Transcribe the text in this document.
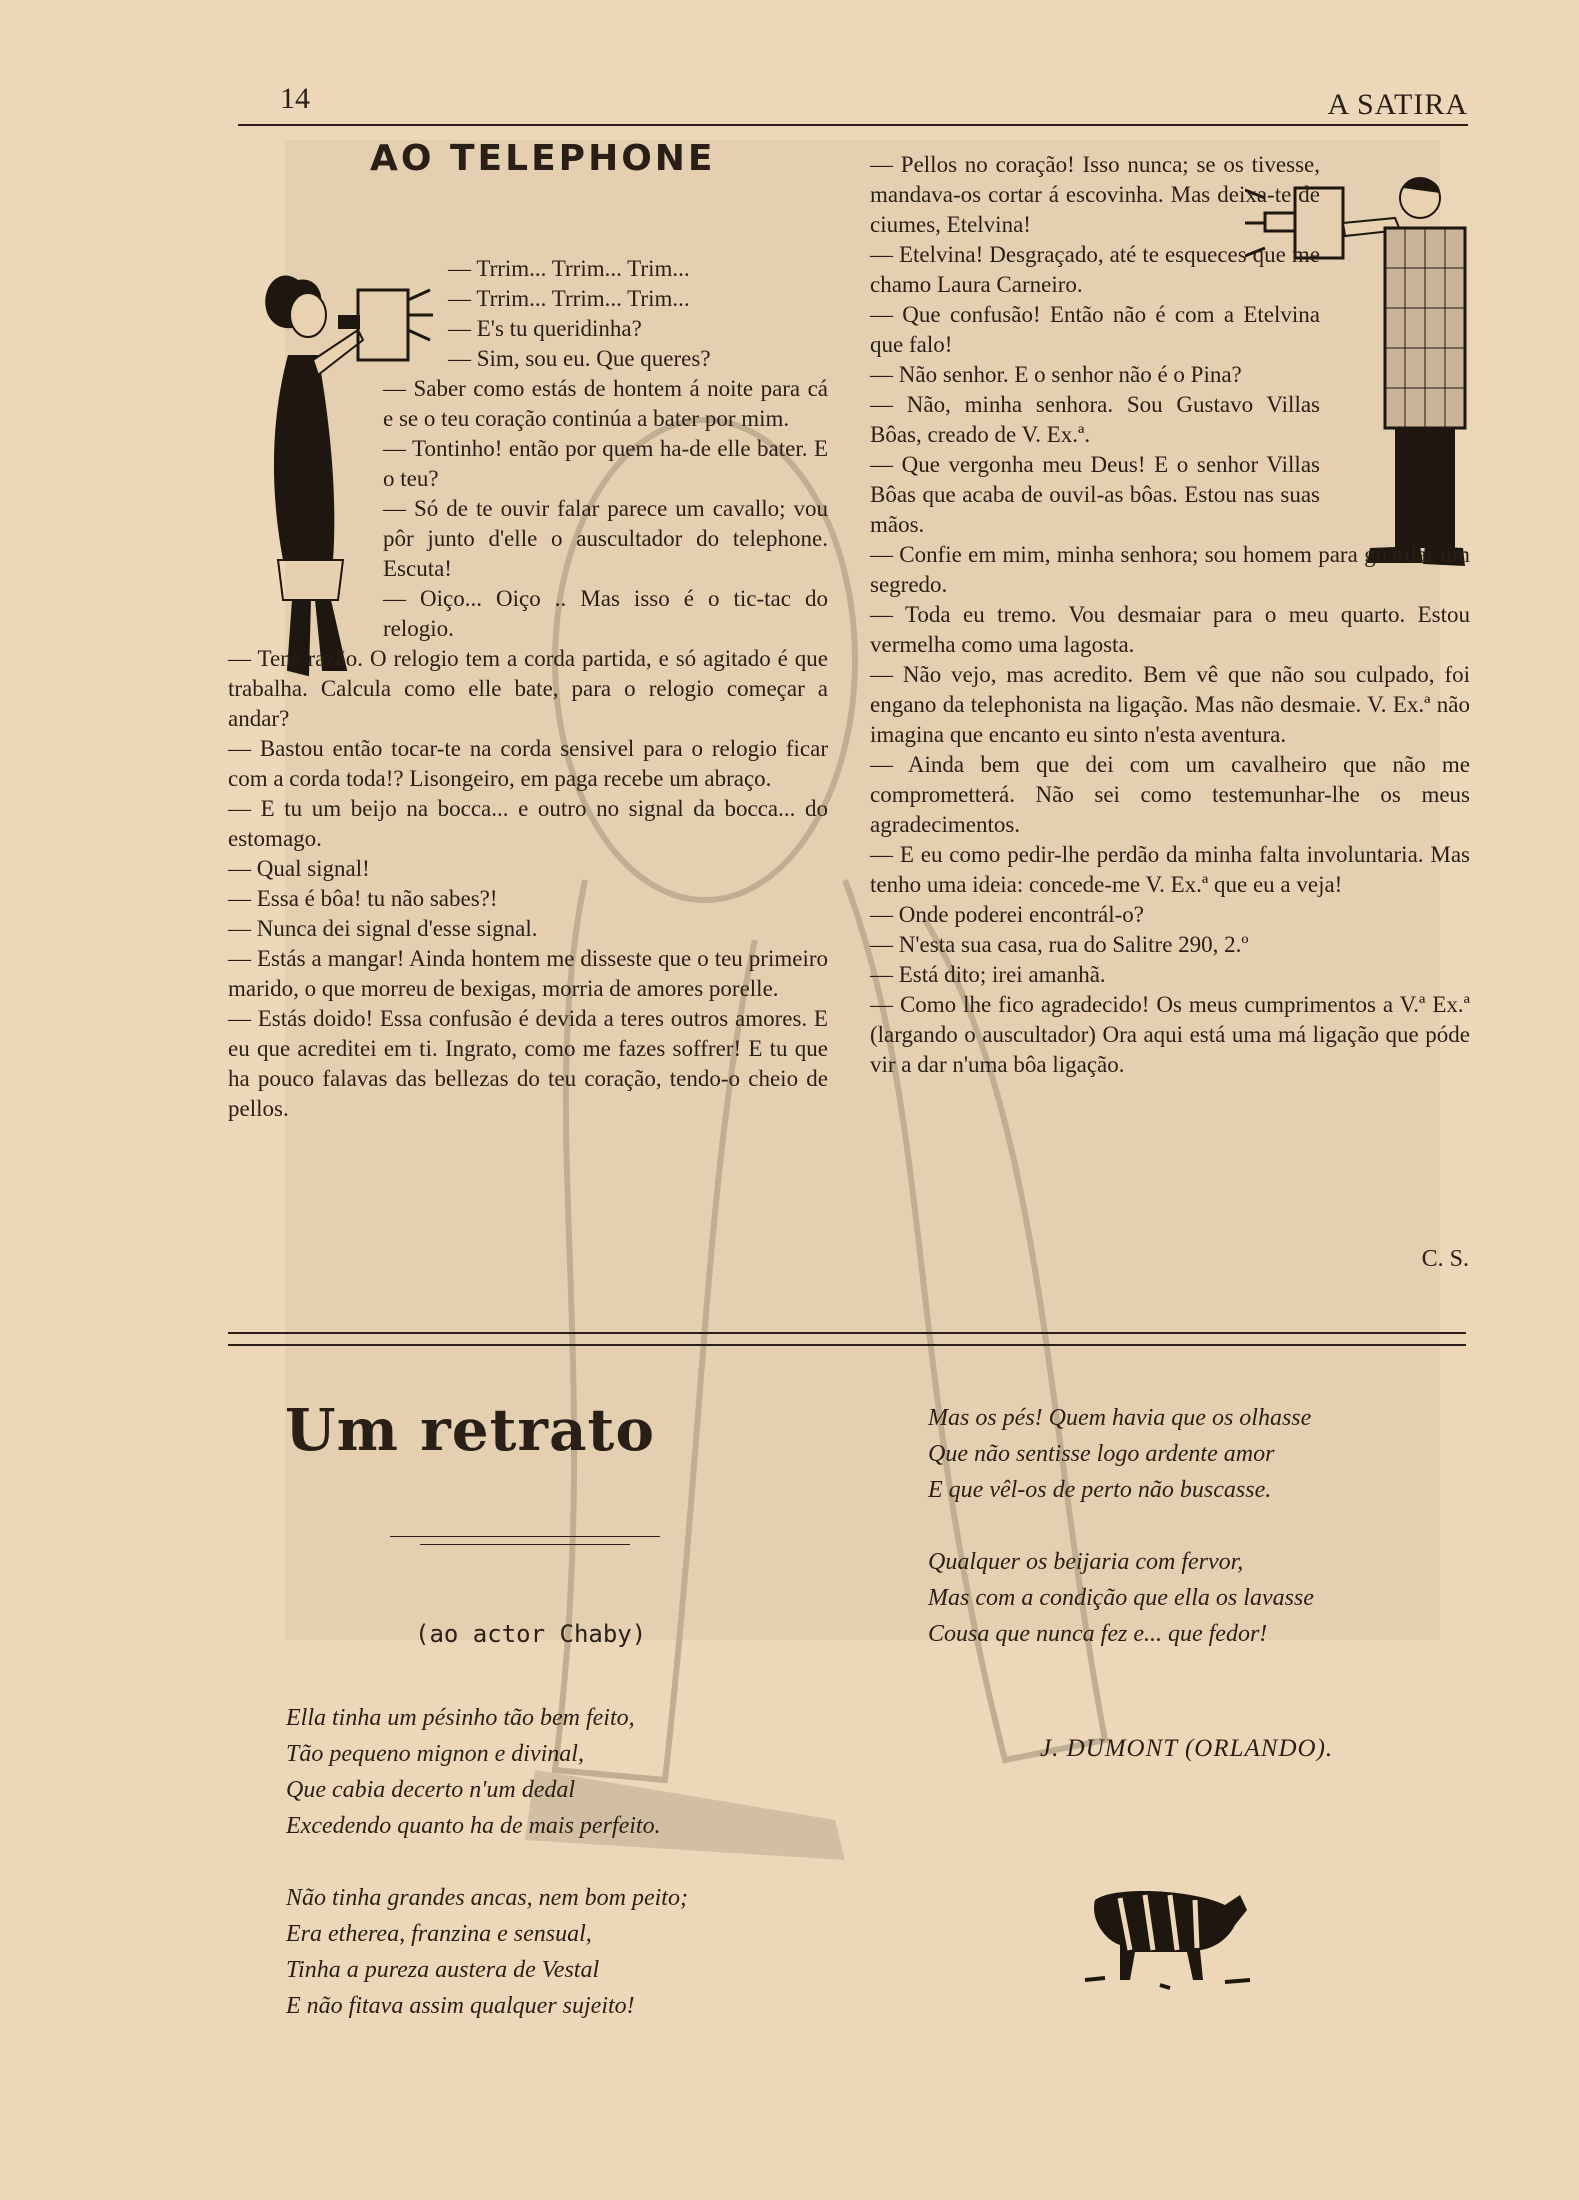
14	A SATIRA
AO TELEPHONE

— Trrim... Trrim... Trim...

— Trrim... Trrim... Trim...

— E's tu queridinha?

— Sim, sou eu. Que queres?

— Saber como estás de hontem á noite para cá e se o teu coração continúa a bater por mim.

— Tontinho! então por quem ha-de elle bater. E o teu?

— Só de te ouvir falar parece um cavallo; vou pôr junto d'elle o auscultador do telephone. Escuta!

— Oiço... Oiço .. Mas isso é o tic-tac do relogio.

— Tens razão. O relogio tem a corda partida, e só agitado é que trabalha. Calcula como elle bate, para o relogio começar a andar?

— Bastou então tocar-te na corda sensivel para o relogio ficar com a corda toda!? Lisongeiro, em paga recebe um abraço.

— E tu um beijo na bocca... e outro no signal da bocca... do estomago.

— Qual signal!

— Essa é bôa! tu não sabes?!

— Nunca dei signal d'esse signal.

— Estás a mangar! Ainda hontem me disseste que o teu primeiro marido, o que morreu de bexigas, morria de amores porelle.

— Estás doido! Essa confusão é devida a teres outros amores. E eu que acreditei em ti. Ingrato, como me fazes soffrer! E tu que ha pouco falavas das bellezas do teu coração, tendo-o cheio de pellos.

— Pellos no coração! Isso nunca; se os tivesse, mandava-os cortar á escovinha. Mas deixa-te de ciumes, Etelvina!

— Etelvina! Desgraçado, até te esqueces que me chamo Laura Carneiro.

— Que confusão! Então não é com a Etelvina que falo!

— Não senhor. E o senhor não é o Pina?

— Não, minha senhora. Sou Gustavo Villas Bôas, creado de V. Ex.ª.

— Que vergonha meu Deus! E o senhor Villas Bôas que acaba de ouvil-as bôas. Estou nas suas mãos.

— Confie em mim, minha senhora; sou homem para guardar um segredo.

— Toda eu tremo. Vou desmaiar para o meu quarto. Estou vermelha como uma lagosta.

— Não vejo, mas acredito. Bem vê que não sou culpado, foi engano da telephonista na ligação. Mas não desmaie. V. Ex.ª não imagina que encanto eu sinto n'esta aventura.

— Ainda bem que dei com um cavalheiro que não me comprometterá. Não sei como testemunhar-lhe os meus agradecimentos.

— E eu como pedir-lhe perdão da minha falta involuntaria. Mas tenho uma ideia: concede-me V. Ex.ª que eu a veja!

— Onde poderei encontrál-o?

— N'esta sua casa, rua do Salitre 290, 2.º

— Está dito; irei amanhã.

— Como lhe fico agradecido! Os meus cumprimentos a V.ª Ex.ª (largando o auscultador) Ora aqui está uma má ligação que póde vir a dar n'uma bôa ligação.

C. S.
Um retrato
(ao actor Chaby)

Ella tinha um pésinho tão bem feito,
Tão pequeno mignon e divinal,
Que cabia decerto n'um dedal
Excedendo quanto ha de mais perfeito.

Não tinha grandes ancas, nem bom peito;
Era etherea, franzina e sensual,
Tinha a pureza austera de Vestal
E não fitava assim qualquer sujeito!

Mas os pés! Quem havia que os olhasse
Que não sentisse logo ardente amor
E que vêl-os de perto não buscasse.

Qualquer os beijaria com fervor,
Mas com a condição que ella os lavasse
Cousa que nunca fez e... que fedor!

J. DUMONT (ORLANDO).
